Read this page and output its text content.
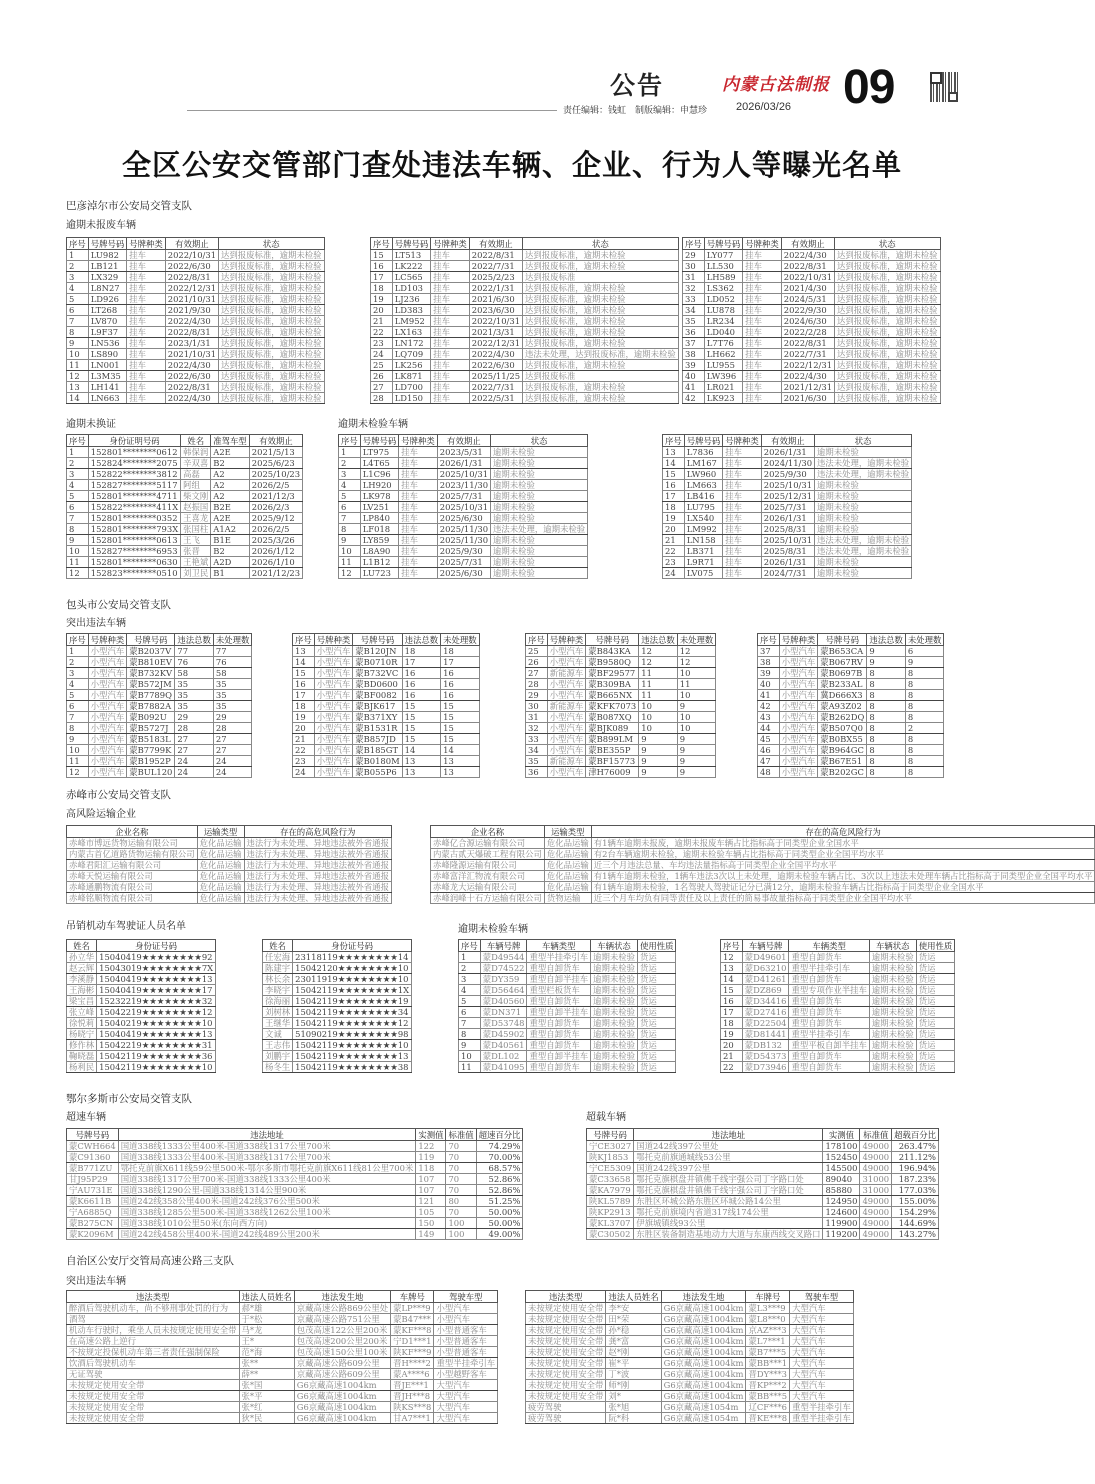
公告	内蒙古法制报 09
责任编辑：钱虹　制版编辑：申慧珍	2026/03/26
全区公安交管部门查处违法车辆、企业、行为人等曝光名单
巴彦淖尔市公安局交管支队
逾期未报废车辆
序号	号牌号码	号牌种类	有效期止	状态
1	LU982	挂车	2022/10/31	达到报废标准，逾期未检验
2	LB121	挂车	2022/6/30	达到报废标准，逾期未检验
3	LX329	挂车	2022/8/31	达到报废标准，逾期未检验
4	L8N27	挂车	2022/12/31	达到报废标准，逾期未检验
5	LD926	挂车	2021/10/31	达到报废标准，逾期未检验
6	LT268	挂车	2021/9/30	达到报废标准，逾期未检验
7	LV870	挂车	2022/4/30	达到报废标准，逾期未检验
8	L9F37	挂车	2022/8/31	达到报废标准，逾期未检验
9	LN536	挂车	2023/1/31	达到报废标准，逾期未检验
10	LS890	挂车	2021/10/31	达到报废标准，逾期未检验
11	LN001	挂车	2022/4/30	达到报废标准，逾期未检验
12	L3M35	挂车	2022/6/30	达到报废标准，逾期未检验
13	LH141	挂车	2022/8/31	达到报废标准，逾期未检验
14	LN663	挂车	2022/4/30	达到报废标准，逾期未检验
序号	号牌号码	号牌种类	有效期止	状态
15	LT513	挂车	2022/8/31	达到报废标准，逾期未检验
16	LK222	挂车	2022/7/31	达到报废标准，逾期未检验
17	LC565	挂车	2025/2/23	达到报废标准
18	LD103	挂车	2022/1/31	达到报废标准，逾期未检验
19	LJ236	挂车	2021/6/30	达到报废标准，逾期未检验
20	LD383	挂车	2023/6/30	达到报废标准，逾期未检验
21	LM952	挂车	2022/10/31	达到报废标准，逾期未检验
22	LX163	挂车	2021/3/31	达到报废标准，逾期未检验
23	LN172	挂车	2022/12/31	达到报废标准，逾期未检验
24	LQ709	挂车	2022/4/30	违法未处理，达到报废标准，逾期未检验
25	LK256	挂车	2022/6/30	达到报废标准，逾期未检验
26	LK871	挂车	2025/11/25	达到报废标准
27	LD700	挂车	2022/7/31	达到报废标准，逾期未检验
28	LD150	挂车	2022/5/31	达到报废标准，逾期未检验
序号	号牌号码	号牌种类	有效期止	状态
29	LY077	挂车	2022/4/30	达到报废标准，逾期未检验
30	LL530	挂车	2022/8/31	达到报废标准，逾期未检验
31	LH589	挂车	2022/10/31	达到报废标准，逾期未检验
32	LS362	挂车	2021/4/30	达到报废标准，逾期未检验
33	LD052	挂车	2024/5/31	达到报废标准，逾期未检验
34	LU878	挂车	2022/9/30	达到报废标准，逾期未检验
35	LR234	挂车	2024/6/30	达到报废标准，逾期未检验
36	LD040	挂车	2022/2/28	达到报废标准，逾期未检验
37	L7T76	挂车	2022/8/31	达到报废标准，逾期未检验
38	LH662	挂车	2022/7/31	达到报废标准，逾期未检验
39	LU955	挂车	2022/12/31	达到报废标准，逾期未检验
40	LW396	挂车	2022/4/30	达到报废标准，逾期未检验
41	LR021	挂车	2021/12/31	达到报废标准，逾期未检验
42	LK923	挂车	2021/6/30	达到报废标准，逾期未检验
逾期未换证
序号	身份证明号码	姓名	准驾车型	有效期止
1	152801********0612	韩保润	A2E	2021/5/13
2	152824********2075	辛双喜	B2	2025/6/23
3	152822********3812	高磊	A2	2025/10/23
4	152827********5117	阿组	A2	2026/2/5
5	152801********4711	柴文刚	A2	2021/12/3
6	152822********411X	赵振国	B2E	2026/2/3
7	152801********0352	王喜龙	A2E	2025/9/12
8	152801********793X	张国柱	A1A2	2026/2/5
9	152801********0613	王飞	B1E	2025/3/26
10	152827********6953	张晋	B2	2026/1/12
11	152801********0630	王艳斌	A2D	2026/1/10
12	152823********0510	刘卫民	B1	2021/12/23
逾期未检验车辆
序号	号牌号码	号牌种类	有效期止	状态
1	LT975	挂车	2023/5/31	逾期未检验
2	L4T65	挂车	2026/1/31	逾期未检验
3	L1C96	挂车	2025/10/31	逾期未检验
4	LH920	挂车	2023/11/30	逾期未检验
5	LK978	挂车	2025/7/31	逾期未检验
6	LV251	挂车	2025/10/31	逾期未检验
7	LP840	挂车	2025/6/30	逾期未检验
8	LF018	挂车	2025/11/30	违法未处理，逾期未检验
9	LY859	挂车	2025/11/30	逾期未检验
10	L8A90	挂车	2025/9/30	逾期未检验
11	L1B12	挂车	2025/7/31	逾期未检验
12	LU723	挂车	2025/6/30	逾期未检验
序号	号牌号码	号牌种类	有效期止	状态
13	L7836	挂车	2026/1/31	逾期未检验
14	LM167	挂车	2024/11/30	违法未处理，逾期未检验
15	LW960	挂车	2025/9/30	违法未处理，逾期未检验
16	LM663	挂车	2025/10/31	逾期未检验
17	LB416	挂车	2025/12/31	逾期未检验
18	LU795	挂车	2025/7/31	逾期未检验
19	LX540	挂车	2026/1/31	逾期未检验
20	LM992	挂车	2025/8/31	逾期未检验
21	LN158	挂车	2025/10/31	违法未处理，逾期未检验
22	LB371	挂车	2025/8/31	违法未处理，逾期未检验
23	L9R71	挂车	2026/1/31	逾期未检验
24	LV075	挂车	2024/7/31	逾期未检验
包头市公安局交管支队
突出违法车辆
序号	号牌种类	号牌号码	违法总数	未处理数
1	小型汽车	蒙B2037V	77	77
2	小型汽车	蒙B810EV	76	76
3	小型汽车	蒙B732KV	58	58
4	小型汽车	蒙B572JM	35	35
5	小型汽车	蒙B7789Q	35	35
6	小型汽车	蒙B7882A	35	35
7	小型汽车	蒙B092U	29	29
8	小型汽车	蒙B5727J	28	28
9	小型汽车	蒙B5183L	27	27
10	小型汽车	蒙B7799K	27	27
11	小型汽车	蒙B1952P	24	24
12	小型汽车	蒙BUL120	24	24
序号	号牌种类	号牌号码	违法总数	未处理数
13	小型汽车	蒙B120JN	18	18
14	小型汽车	蒙B0710R	17	17
15	小型汽车	蒙B732VC	16	16
16	小型汽车	蒙BD0600	16	16
17	小型汽车	蒙BF0082	16	16
18	小型汽车	蒙BJK617	15	15
19	小型汽车	蒙B371XY	15	15
20	小型汽车	蒙B1531R	15	15
21	小型汽车	蒙B857JD	15	15
22	小型汽车	蒙B185GT	14	14
23	小型汽车	蒙B0180M	13	13
24	小型汽车	蒙B055P6	13	13
序号	号牌种类	号牌号码	违法总数	未处理数
25	小型汽车	蒙B843KA	12	12
26	小型汽车	蒙B9580Q	12	12
27	新能源车	蒙BF29577	11	10
28	小型汽车	蒙B309BA	11	11
29	小型汽车	蒙B665NX	11	10
30	新能源车	蒙KFK7073	10	9
31	小型汽车	蒙B087XQ	10	10
32	小型汽车	蒙BJK089	10	10
33	小型汽车	蒙B899LM	9	9
34	小型汽车	蒙BE355P	9	9
35	新能源车	蒙BF15773	9	9
36	小型汽车	津H76009	9	9
序号	号牌种类	号牌号码	违法总数	未处理数
37	小型汽车	蒙B653CA	9	6
38	小型汽车	蒙B067RV	9	9
39	小型汽车	蒙B0697B	8	8
40	小型汽车	蒙B233AL	8	8
41	小型汽车	冀D666X3	8	8
42	小型汽车	蒙A93Z02	8	8
43	小型汽车	蒙B262DQ	8	8
44	小型汽车	蒙B507Q0	8	2
45	小型汽车	蒙B0BX55	8	8
46	小型汽车	蒙B964GC	8	8
47	小型汽车	蒙B67E51	8	8
48	小型汽车	蒙B202GC	8	8
赤峰市公安局交管支队
高风险运输企业
企业名称	运输类型	存在的高危风险行为
赤峰市博远货物运输有限公司	危化品运输	违法行为未处理、异地违法被外省通报
内蒙古首亿道路货物运输有限公司	危化品运输	违法行为未处理、异地违法被外省通报
赤峰君阳汇运输有限公司	危化品运输	违法行为未处理、异地违法被外省通报
赤峰天悦运输有限公司	危化品运输	违法行为未处理、异地违法被外省通报
赤峰通鹏物流有限公司	危化品运输	违法行为未处理、异地违法被外省通报
赤峰铭顺物流有限公司	危化品运输	违法行为未处理、异地违法被外省通报
企业名称	运输类型	存在的高危风险行为
赤峰亿合源运输有限公司	危化品运输	有1辆车逾期未报废，逾期未报废车辆占比指标高于同类型企业全国水平
内蒙古贰天爆破工程有限公司	危化品运输	有2台车辆逾期未检验，逾期未检验车辆占比指标高于同类型企业全国平均水平
赤峰隆源运输有限公司	危化品运输	近三个月违法总量、车均违法量指标高于同类型企业全国平均水平
赤峰富洋汇物流有限公司	危化品运输	有1辆车逾期未检验，1辆车违法3次以上未处理，逾期未检验车辆占比、3次以上违法未处理车辆占比指标高于同类型企业全国平均水平
赤峰龙大运输有限公司	危化品运输	有1辆车逾期未检验，1名驾驶人驾驶证记分已满12分，逾期未检验车辆占比指标高于同类型企业全国水平
赤峰润峰十石方运输有限公司	货物运输	近三个月车均负有同等责任及以上责任的简易事故量指标高于同类型企业全国平均水平
吊销机动车驾驶证人员名单
姓名	身份证号码
孙立华	15040419★★★★★★★★92
赵云辉	15043019★★★★★★★★7X
李溪静	15040419★★★★★★★★13
王海彬	15040419★★★★★★★★17
梁宝昌	15232219★★★★★★★★32
张立峰	15042219★★★★★★★★12
徐悦莉	15040219★★★★★★★★10
杨晓宁	15040419★★★★★★★★13
修作林	15042219★★★★★★★★31
鞠晓磊	15042119★★★★★★★★36
杨利民	15042119★★★★★★★★10
姓名	身份证号码
任宏海	23118119★★★★★★★★14
陈建宇	15042120★★★★★★★★10
林长余	23011919★★★★★★★★10
李晓宇	15042119★★★★★★★★1X
徐海丽	15042119★★★★★★★★19
刘树林	15042119★★★★★★★★34
王继华	15042119★★★★★★★★12
文诚	51090219★★★★★★★★98
王志伟	15042119★★★★★★★★10
刘鹏宇	15042119★★★★★★★★13
杨冬生	15042119★★★★★★★★38
逾期未检验车辆
序号	车辆号牌	车辆类型	车辆状态	使用性质
1	蒙D49544	重型半挂牵引车	逾期未检验	货运
2	蒙D74522	重型自卸货车	逾期未检验	货运
3	蒙DY359	重型自卸半挂车	逾期未检验	货运
4	蒙D56464	重型栏板货车	逾期未检验	货运
5	蒙D40560	重型自卸货车	逾期未检验	货运
6	蒙DN371	重型自卸半挂车	逾期未检验	货运
7	蒙D53748	重型自卸货车	逾期未检验	货运
8	蒙D45902	重型自卸货车	逾期未检验	货运
9	蒙D40561	重型自卸货车	逾期未检验	货运
10	蒙DL102	重型自卸半挂车	逾期未检验	货运
11	蒙D41095	重型自卸货车	逾期未检验	货运
序号	车辆号牌	车辆类型	车辆状态	使用性质
12	蒙D49601	重型自卸货车	逾期未检验	货运
13	蒙D63210	重型半挂牵引车	逾期未检验	货运
14	蒙D41261	重型自卸货车	逾期未检验	货运
15	蒙DZ869	重型专项作业半挂车	逾期未检验	货运
16	蒙D34416	重型自卸货车	逾期未检验	货运
17	蒙D27416	重型自卸货车	逾期未检验	货运
18	蒙D22504	重型自卸货车	逾期未检验	货运
19	蒙D81441	重型半挂牵引车	逾期未检验	货运
20	蒙DB132	重型平板自卸半挂车	逾期未检验	货运
21	蒙D54373	重型自卸货车	逾期未检验	货运
22	蒙D73946	重型自卸货车	逾期未检验	货运
鄂尔多斯市公安局交管支队
超速车辆
号牌号码	违法地址	实测值	标准值	超速百分比
蒙CWH664	国道338线1333公里400米-国道338线1317公里700米	122	70	74.29%
蒙C91360	国道338线1333公里400米-国道338线1317公里700米	119	70	70.00%
蒙B771ZU	鄂托克前旗X611线59公里500米-鄂尔多斯市鄂托克前旗X611线81公里700米	118	70	68.57%
甘J95P29	国道338线1317公里700米-国道338线1333公里400米	107	70	52.86%
宁AU731E	国道338线1290公里-国道338线1314公里900米	107	70	52.86%
蒙K6611B	国道242线358公里400米-国道242线376公里500米	121	80	51.25%
宁A6885Q	国道338线1285公里500米-国道338线1262公里100米	105	70	50.00%
蒙B275CN	国道338线1010公里50米(东向西方向)	150	100	50.00%
蒙K2096M	国道242线458公里400米-国道242线489公里200米	149	100	49.00%
超载车辆
号牌号码	违法地址	实测值	标准值	超载百分比
宁CE3027	国道242线397公里处	178100	49000	263.47%
陕KJ1853	鄂托克前旗通城线53公里	152450	49000	211.12%
宁CE5309	国道242线397公里	145500	49000	196.94%
蒙C33658	鄂托克旗棋盘井镇佛千线宇强公司丁字路口处	89040	31000	187.23%
蒙KA7979	鄂托克旗棋盘井镇佛千线宇强公司丁字路口处	85880	31000	177.03%
陕KL5789	东胜区环城公路东胜区环城公路14公里	124950	49000	155.00%
陕KP2913	鄂托克前旗境内省道317线174公里	124600	49000	154.29%
蒙KL3707	伊旗城镇线93公里	119900	49000	144.69%
蒙C30502	东胜区装备制造基地动力大道与东康西线交叉路口	119200	49000	143.27%
自治区公安厅交管局高速公路三支队
突出违法车辆
违法类型	违法人员姓名	违法发生地	车牌号	驾驶车型
醉酒后驾驶机动车，尚不够刑事处罚的行为	郝*雄	京藏高速公路869公里处	蒙LP***9	小型汽车
酒驾	于*松	京藏高速公路751公里	蒙B47***	小型汽车
机动车行驶时，乘坐人员未按规定使用安全带	马*龙	包茂高速122公里200米	蒙KF***8	小型普通客车
在高速公路上逆行	王*	包茂高速200公里200米	宁D1***1	小型普通客车
不按规定投保机动车第三者责任强制保险	范*海	包茂高速150公里100米	陕KF***9	小型普通客车
饮酒后驾驶机动车	张**	京藏高速公路609公里	晋H****2	重型半挂牵引车
无证驾驶	薛**	京藏高速公路609公里	蒙A****6	小型越野客车
未按规定使用安全带	张*国	G6京藏高速1004km	晋JE***1	大型汽车
未按规定使用安全带	张*平	G6京藏高速1004km	晋JH***8	大型汽车
未按规定使用安全带	张*红	G6京藏高速1004km	陕KS***8	大型汽车
未按规定使用安全带	狄*民	G6京藏高速1004km	甘A7***1	大型汽车
违法类型	违法人员姓名	违法发生地	车牌号	驾驶车型
未按规定使用安全带	李*安	G6京藏高速1004km	蒙L3***9	大型汽车
未按规定使用安全带	田*荣	G6京藏高速1004km	蒙L8***0	大型汽车
未按规定使用安全带	孙*稳	G6京藏高速1004km	京AZ***3	大型汽车
未按规定使用安全带	龚*富	G6京藏高速1004km	蒙L7***1	大型汽车
未按规定使用安全带	赵*刚	G6京藏高速1004km	蒙B7***5	大型汽车
未按规定使用安全带	崔*平	G6京藏高速1004km	蒙BB***1	大型汽车
未按规定使用安全带	丁*波	G6京藏高速1004km	晋DY***3	大型汽车
未按规定使用安全带	师*刚	G6京藏高速1004km	晋KP***2	大型汽车
未按规定使用安全带	刘*	G6京藏高速1004km	蒙BB***5	大型汽车
疲劳驾驶	张*旭	G6京藏高速1054m	辽CF***6	重型半挂牵引车
疲劳驾驶	阮*科	G6京藏高速1054m	晋KE***8	重型半挂牵引车
